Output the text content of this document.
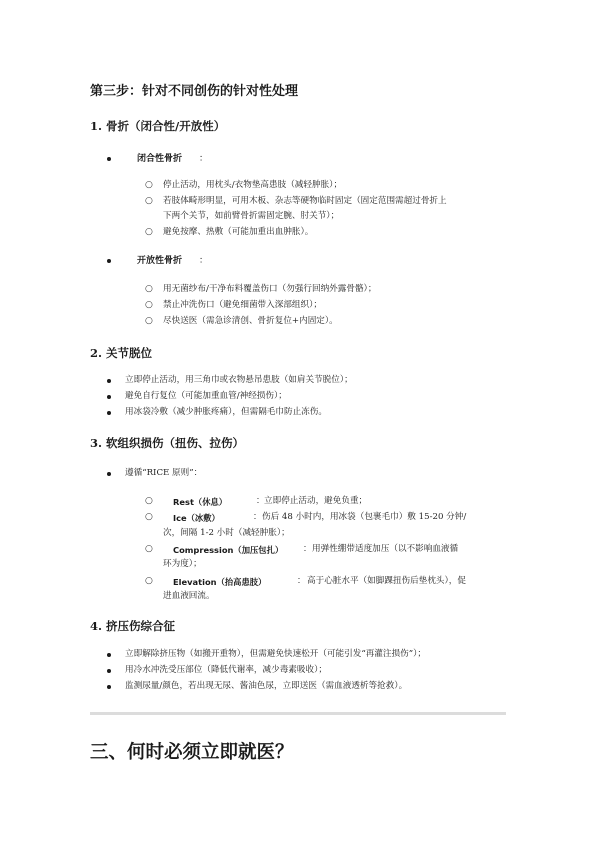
第三步：针对不同创伤的针对性处理
1. 骨折（闭合性/开放性）
闭合性骨折 ：
○ 停止活动，用枕头/衣物垫高患肢（减轻肿胀）；
○ 若肢体畸形明显，可用木板、杂志等硬物临时固定（固定范围需超过骨折上
下两个关节，如前臂骨折需固定腕、肘关节）；
○ 避免按摩、热敷（可能加重出血肿胀）。
开放性骨折 ：
○ 用无菌纱布/干净布料覆盖伤口（勿强行回纳外露骨骼）；
○ 禁止冲洗伤口（避免细菌带入深部组织）；
○ 尽快送医（需急诊清创、骨折复位+内固定）。
2. 关节脱位
立即停止活动，用三角巾或衣物悬吊患肢（如肩关节脱位）；
避免自行复位（可能加重血管/神经损伤）；
用冰袋冷敷（减少肿胀疼痛），但需隔毛巾防止冻伤。
3. 软组织损伤（扭伤、拉伤）
遵循“RICE 原则”：
○ Rest（休息）	： 立即停止活动，避免负重；
○ Ice（冰敷）	： 伤后 48 小时内，用冰袋（包裹毛巾）敷 15-20 分钟/
次，间隔 1-2 小时（减轻肿胀）；
○ Compression（加压包扎） ： 用弹性绷带适度加压（以不影响血液循
环为度）；
○ Elevation（抬高患肢）	： 高于心脏水平（如脚踝扭伤后垫枕头），促
进血液回流。
4. 挤压伤综合征
立即解除挤压物（如搬开重物），但需避免快速松开（可能引发“再灌注损伤”）；
用冷水冲洗受压部位（降低代谢率，减少毒素吸收）；
监测尿量/颜色，若出现无尿、酱油色尿，立即送医（需血液透析等抢救）。
三、何时必须立即就医？
